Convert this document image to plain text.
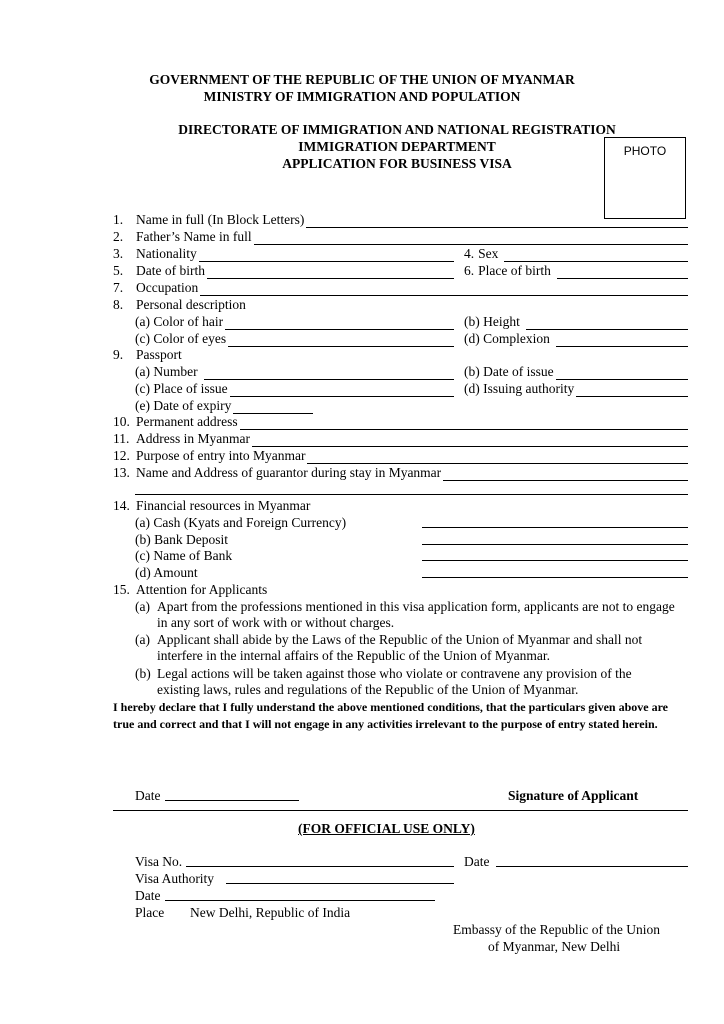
GOVERNMENT OF THE REPUBLIC OF THE UNION OF MYANMAR
MINISTRY OF IMMIGRATION AND POPULATION
DIRECTORATE OF IMMIGRATION AND NATIONAL REGISTRATION
IMMIGRATION DEPARTMENT
APPLICATION FOR BUSINESS VISA
PHOTO
1. Name in full (In Block Letters)
2. Father’s Name in full
3. Nationality	4. Sex
5. Date of birth	6. Place of birth
7. Occupation
8. Personal description
(a) Color of hair	(b) Height
(c) Color of eyes	(d) Complexion
9. Passport
(a) Number	(b) Date of issue
(c) Place of issue	(d) Issuing authority
(e) Date of expiry
10. Permanent address
11. Address in Myanmar
12. Purpose of entry into Myanmar
13. Name and Address of guarantor during stay in Myanmar
14. Financial resources in Myanmar
(a) Cash (Kyats and Foreign Currency)
(b) Bank Deposit
(c) Name of Bank
(d) Amount
15. Attention for Applicants
(a) Apart from the professions mentioned in this visa application form, applicants are not to engage in any sort of work with or without charges.
(a) Applicant shall abide by the Laws of the Republic of the Union of Myanmar and shall not interfere in the internal affairs of the Republic of the Union of Myanmar.
(b) Legal actions will be taken against those who violate or contravene any provision of the existing laws, rules and regulations of the Republic of the Union of Myanmar.
I hereby declare that I fully understand the above mentioned conditions, that the particulars given above are true and correct and that I will not engage in any activities irrelevant to the purpose of entry stated herein.
Date	Signature of Applicant
(FOR OFFICIAL USE ONLY)
Visa No.	Date
Visa Authority
Date
Place New Delhi, Republic of India
Embassy of the Republic of the Union
of Myanmar, New Delhi
